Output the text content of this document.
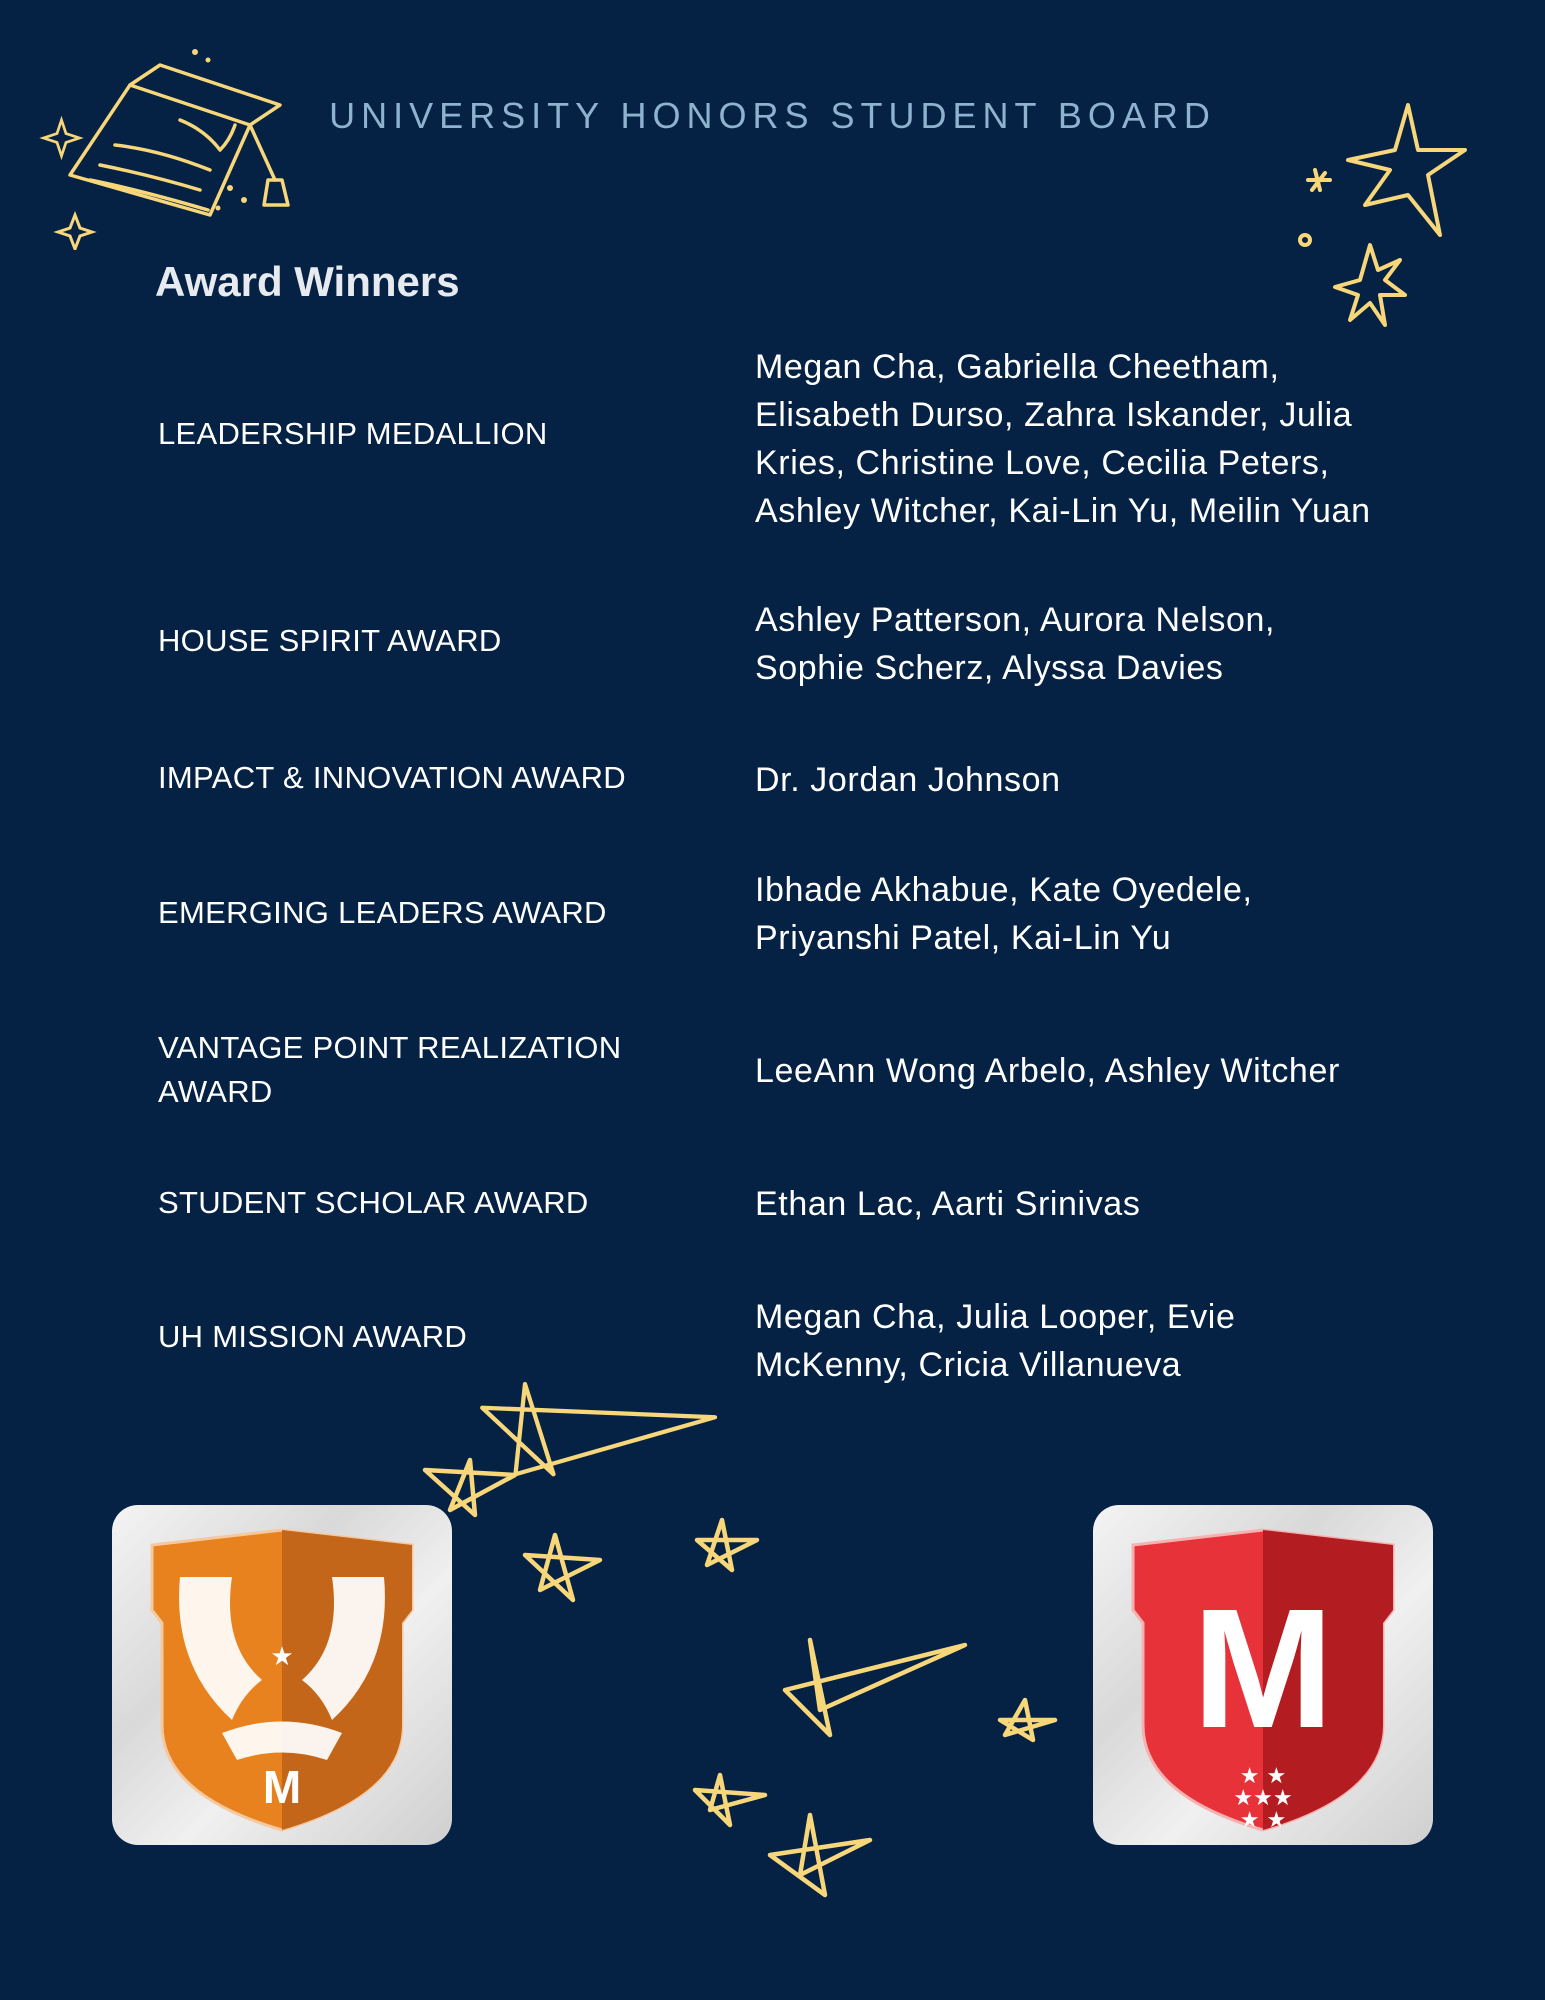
UNIVERSITY HONORS STUDENT BOARD
Award Winners
LEADERSHIP MEDALLION
Megan Cha, Gabriella Cheetham,
Elisabeth Durso, Zahra Iskander, Julia
Kries, Christine Love, Cecilia Peters,
Ashley Witcher, Kai-Lin Yu, Meilin Yuan
HOUSE SPIRIT AWARD
Ashley Patterson, Aurora Nelson,
Sophie Scherz, Alyssa Davies
IMPACT & INNOVATION AWARD	Dr. Jordan Johnson
EMERGING LEADERS AWARD
Ibhade Akhabue, Kate Oyedele,
Priyanshi Patel, Kai-Lin Yu
VANTAGE POINT REALIZATION
AWARD
LeeAnn Wong Arbelo, Ashley Witcher
STUDENT SCHOLAR AWARD	Ethan Lac, Aarti Srinivas
UH MISSION AWARD
Megan Cha, Julia Looper, Evie
McKenny, Cricia Villanueva
★
M
M
★ ★
★★★
★ ★
